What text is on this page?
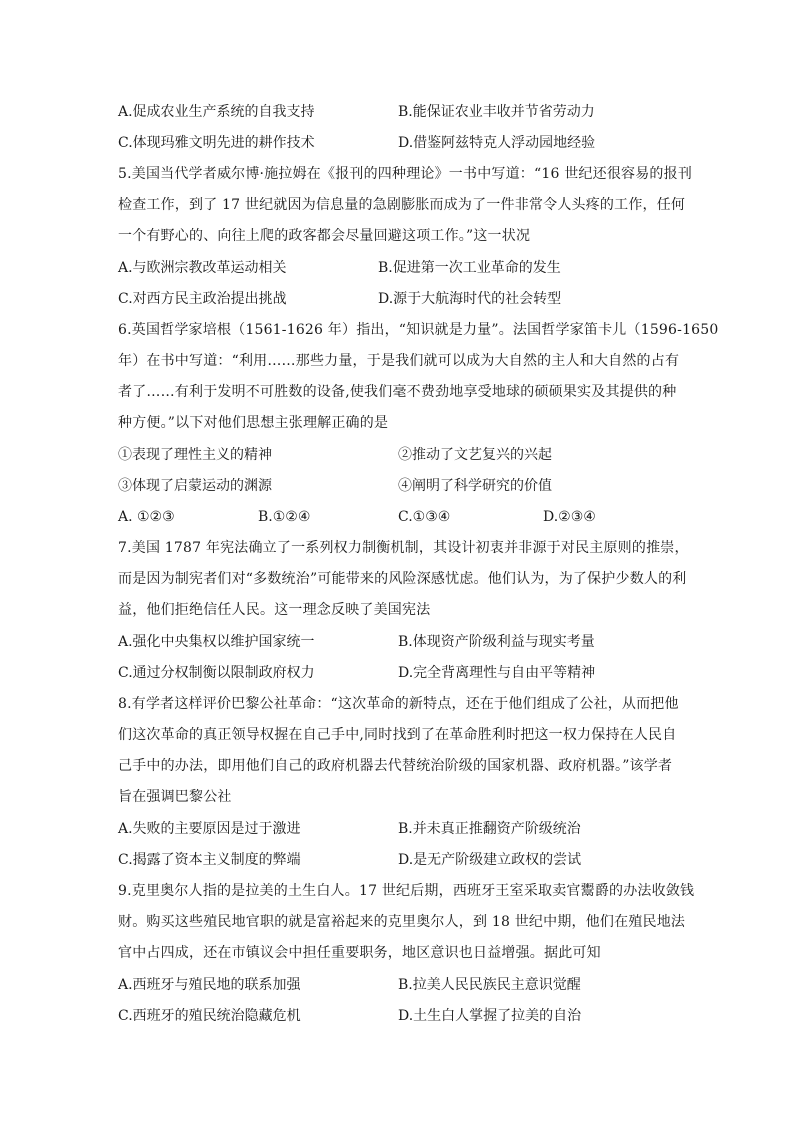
A.促成农业生产系统的自我支持	B.能保证农业丰收并节省劳动力
C.体现玛雅文明先进的耕作技术	D.借鉴阿兹特克人浮动园地经验
5.美国当代学者威尔博·施拉姆在《报刊的四种理论》一书中写道：“16 世纪还很容易的报刊
检查工作，到了 17 世纪就因为信息量的急剧膨胀而成为了一件非常令人头疼的工作，任何
一个有野心的、向往上爬的政客都会尽量回避这项工作。”这一状况
A.与欧洲宗教改革运动相关	B.促进第一次工业革命的发生
C.对西方民主政治提出挑战	D.源于大航海时代的社会转型
6.英国哲学家培根（1561-1626 年）指出，“知识就是力量”。法国哲学家笛卡儿（1596-1650
年）在书中写道：“利用……那些力量，于是我们就可以成为大自然的主人和大自然的占有
者了……有利于发明不可胜数的设备,使我们毫不费劲地享受地球的硕硕果实及其提供的种
种方便。”以下对他们思想主张理解正确的是
①表现了理性主义的精神	②推动了文艺复兴的兴起
③体现了启蒙运动的渊源	④阐明了科学研究的价值
A. ①②③	B.①②④	C.①③④	D.②③④
7.美国 1787 年宪法确立了一系列权力制衡机制，其设计初衷并非源于对民主原则的推崇，
而是因为制宪者们对“多数统治”可能带来的风险深感忧虑。他们认为，为了保护少数人的利
益，他们拒绝信任人民。这一理念反映了美国宪法
A.强化中央集权以维护国家统一	B.体现资产阶级利益与现实考量
C.通过分权制衡以限制政府权力	D.完全背离理性与自由平等精神
8.有学者这样评价巴黎公社革命：“这次革命的新特点，还在于他们组成了公社，从而把他
们这次革命的真正领导权握在自己手中,同时找到了在革命胜利时把这一权力保持在人民自
己手中的办法，即用他们自己的政府机器去代替统治阶级的国家机器、政府机器。”该学者
旨在强调巴黎公社
A.失败的主要原因是过于激进	B.并未真正推翻资产阶级统治
C.揭露了资本主义制度的弊端	D.是无产阶级建立政权的尝试
9.克里奥尔人指的是拉美的土生白人。17 世纪后期，西班牙王室采取卖官鬻爵的办法收敛钱
财。购买这些殖民地官职的就是富裕起来的克里奥尔人，到 18 世纪中期，他们在殖民地法
官中占四成，还在市镇议会中担任重要职务，地区意识也日益增强。据此可知
A.西班牙与殖民地的联系加强	B.拉美人民民族民主意识觉醒
C.西班牙的殖民统治隐藏危机	D.土生白人掌握了拉美的自治
